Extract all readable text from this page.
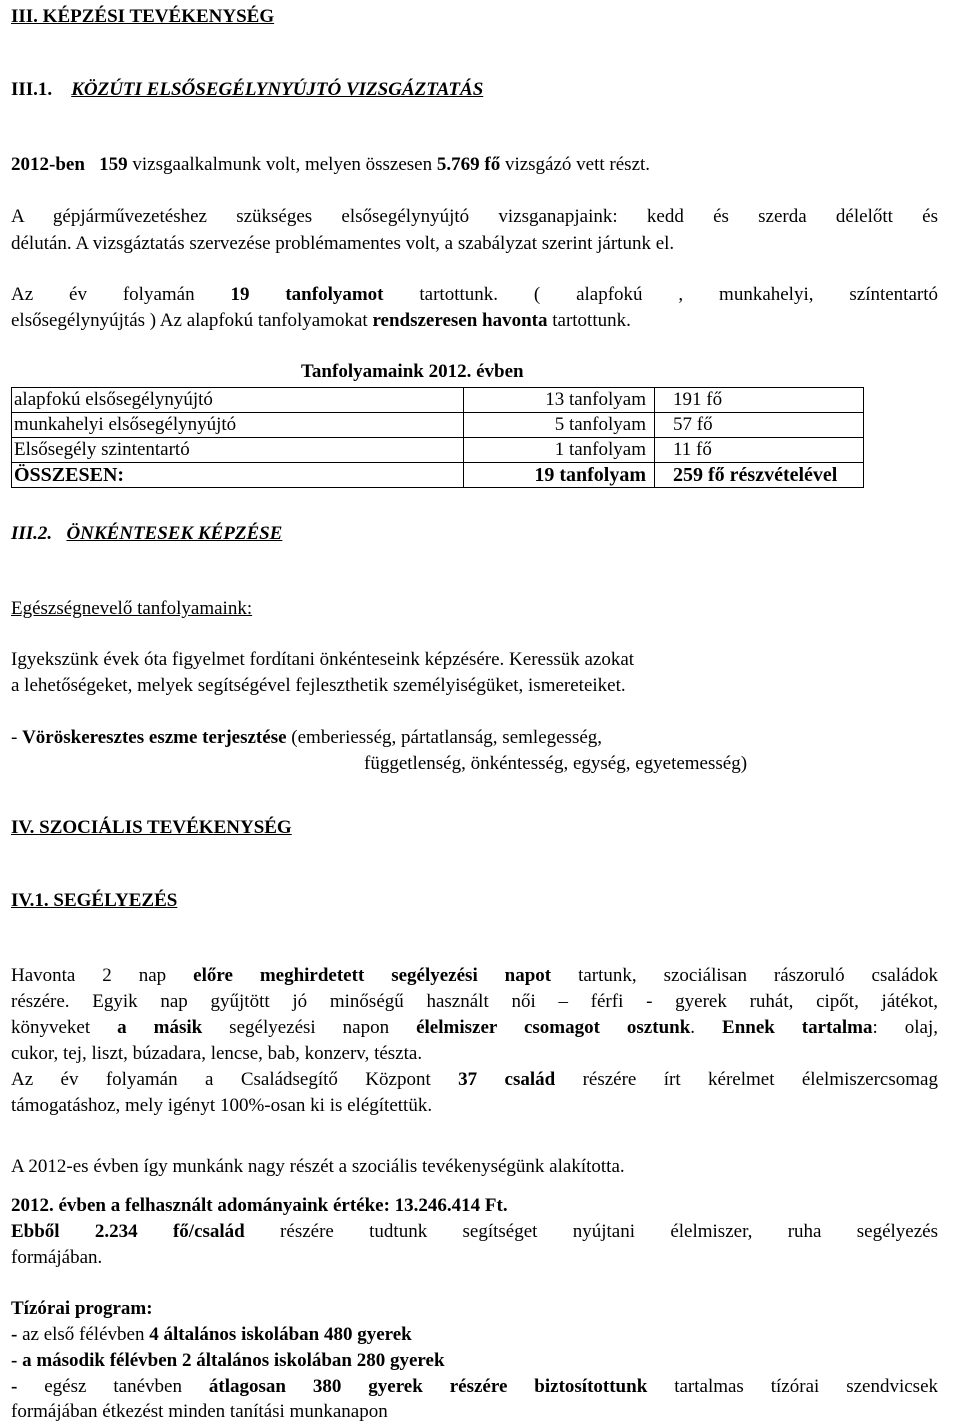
III. KÉPZÉSI TEVÉKENYSÉG
III.1. KÖZÚTI ELSŐSEGÉLYNYÚJTÓ VIZSGÁZTATÁS
2012-ben 159 vizsgaalkalmunk volt, melyen összesen 5.769 fő vizsgázó vett részt.
A gépjárművezetéshez szükséges elsősegélynyújtó vizsganapjaink: kedd és szerda délelőtt és
délután. A vizsgáztatás szervezése problémamentes volt, a szabályzat szerint jártunk el.
Az év folyamán 19 tanfolyamot tartottunk. ( alapfokú , munkahelyi, színtentartó
elsősegélynyújtás ) Az alapfokú tanfolyamokat rendszeresen havonta tartottunk.
Tanfolyamaink 2012. évben
alapfokú elsősegélynyújtó	13 tanfolyam	191 fő
munkahelyi elsősegélynyújtó	5 tanfolyam	57 fő
Elsősegély szintentartó	1 tanfolyam	11 fő
ÖSSZESEN:	19 tanfolyam	259 fő részvételével
III.2. ÖNKÉNTESEK KÉPZÉSE
Egészségnevelő tanfolyamaink:
Igyekszünk évek óta figyelmet fordítani önkénteseink képzésére. Keressük azokat
a lehetőségeket, melyek segítségével fejleszthetik személyiségüket, ismereteiket.
- Vöröskeresztes eszme terjesztése (emberiesség, pártatlanság, semlegesség,
függetlenség, önkéntesség, egység, egyetemesség)
IV. SZOCIÁLIS TEVÉKENYSÉG
IV.1. SEGÉLYEZÉS
Havonta 2 nap előre meghirdetett segélyezési napot tartunk, szociálisan rászoruló családok
részére. Egyik nap gyűjtött jó minőségű használt női – férfi - gyerek ruhát, cipőt, játékot,
könyveket a másik segélyezési napon élelmiszer csomagot osztunk. Ennek tartalma: olaj,
cukor, tej, liszt, búzadara, lencse, bab, konzerv, tészta.
Az év folyamán a Családsegítő Központ 37 család részére írt kérelmet élelmiszercsomag
támogatáshoz, mely igényt 100%-osan ki is elégítettük.
A 2012-es évben így munkánk nagy részét a szociális tevékenységünk alakította.
2012. évben a felhasznált adományaink értéke: 13.246.414 Ft.
Ebből 2.234 fő/család részére tudtunk segítséget nyújtani élelmiszer, ruha segélyezés
formájában.
Tízórai program:
- az első félévben 4 általános iskolában 480 gyerek
- a második félévben 2 általános iskolában 280 gyerek
- egész tanévben átlagosan 380 gyerek részére biztosítottunk tartalmas tízórai szendvicsek
formájában étkezést minden tanítási munkanapon
